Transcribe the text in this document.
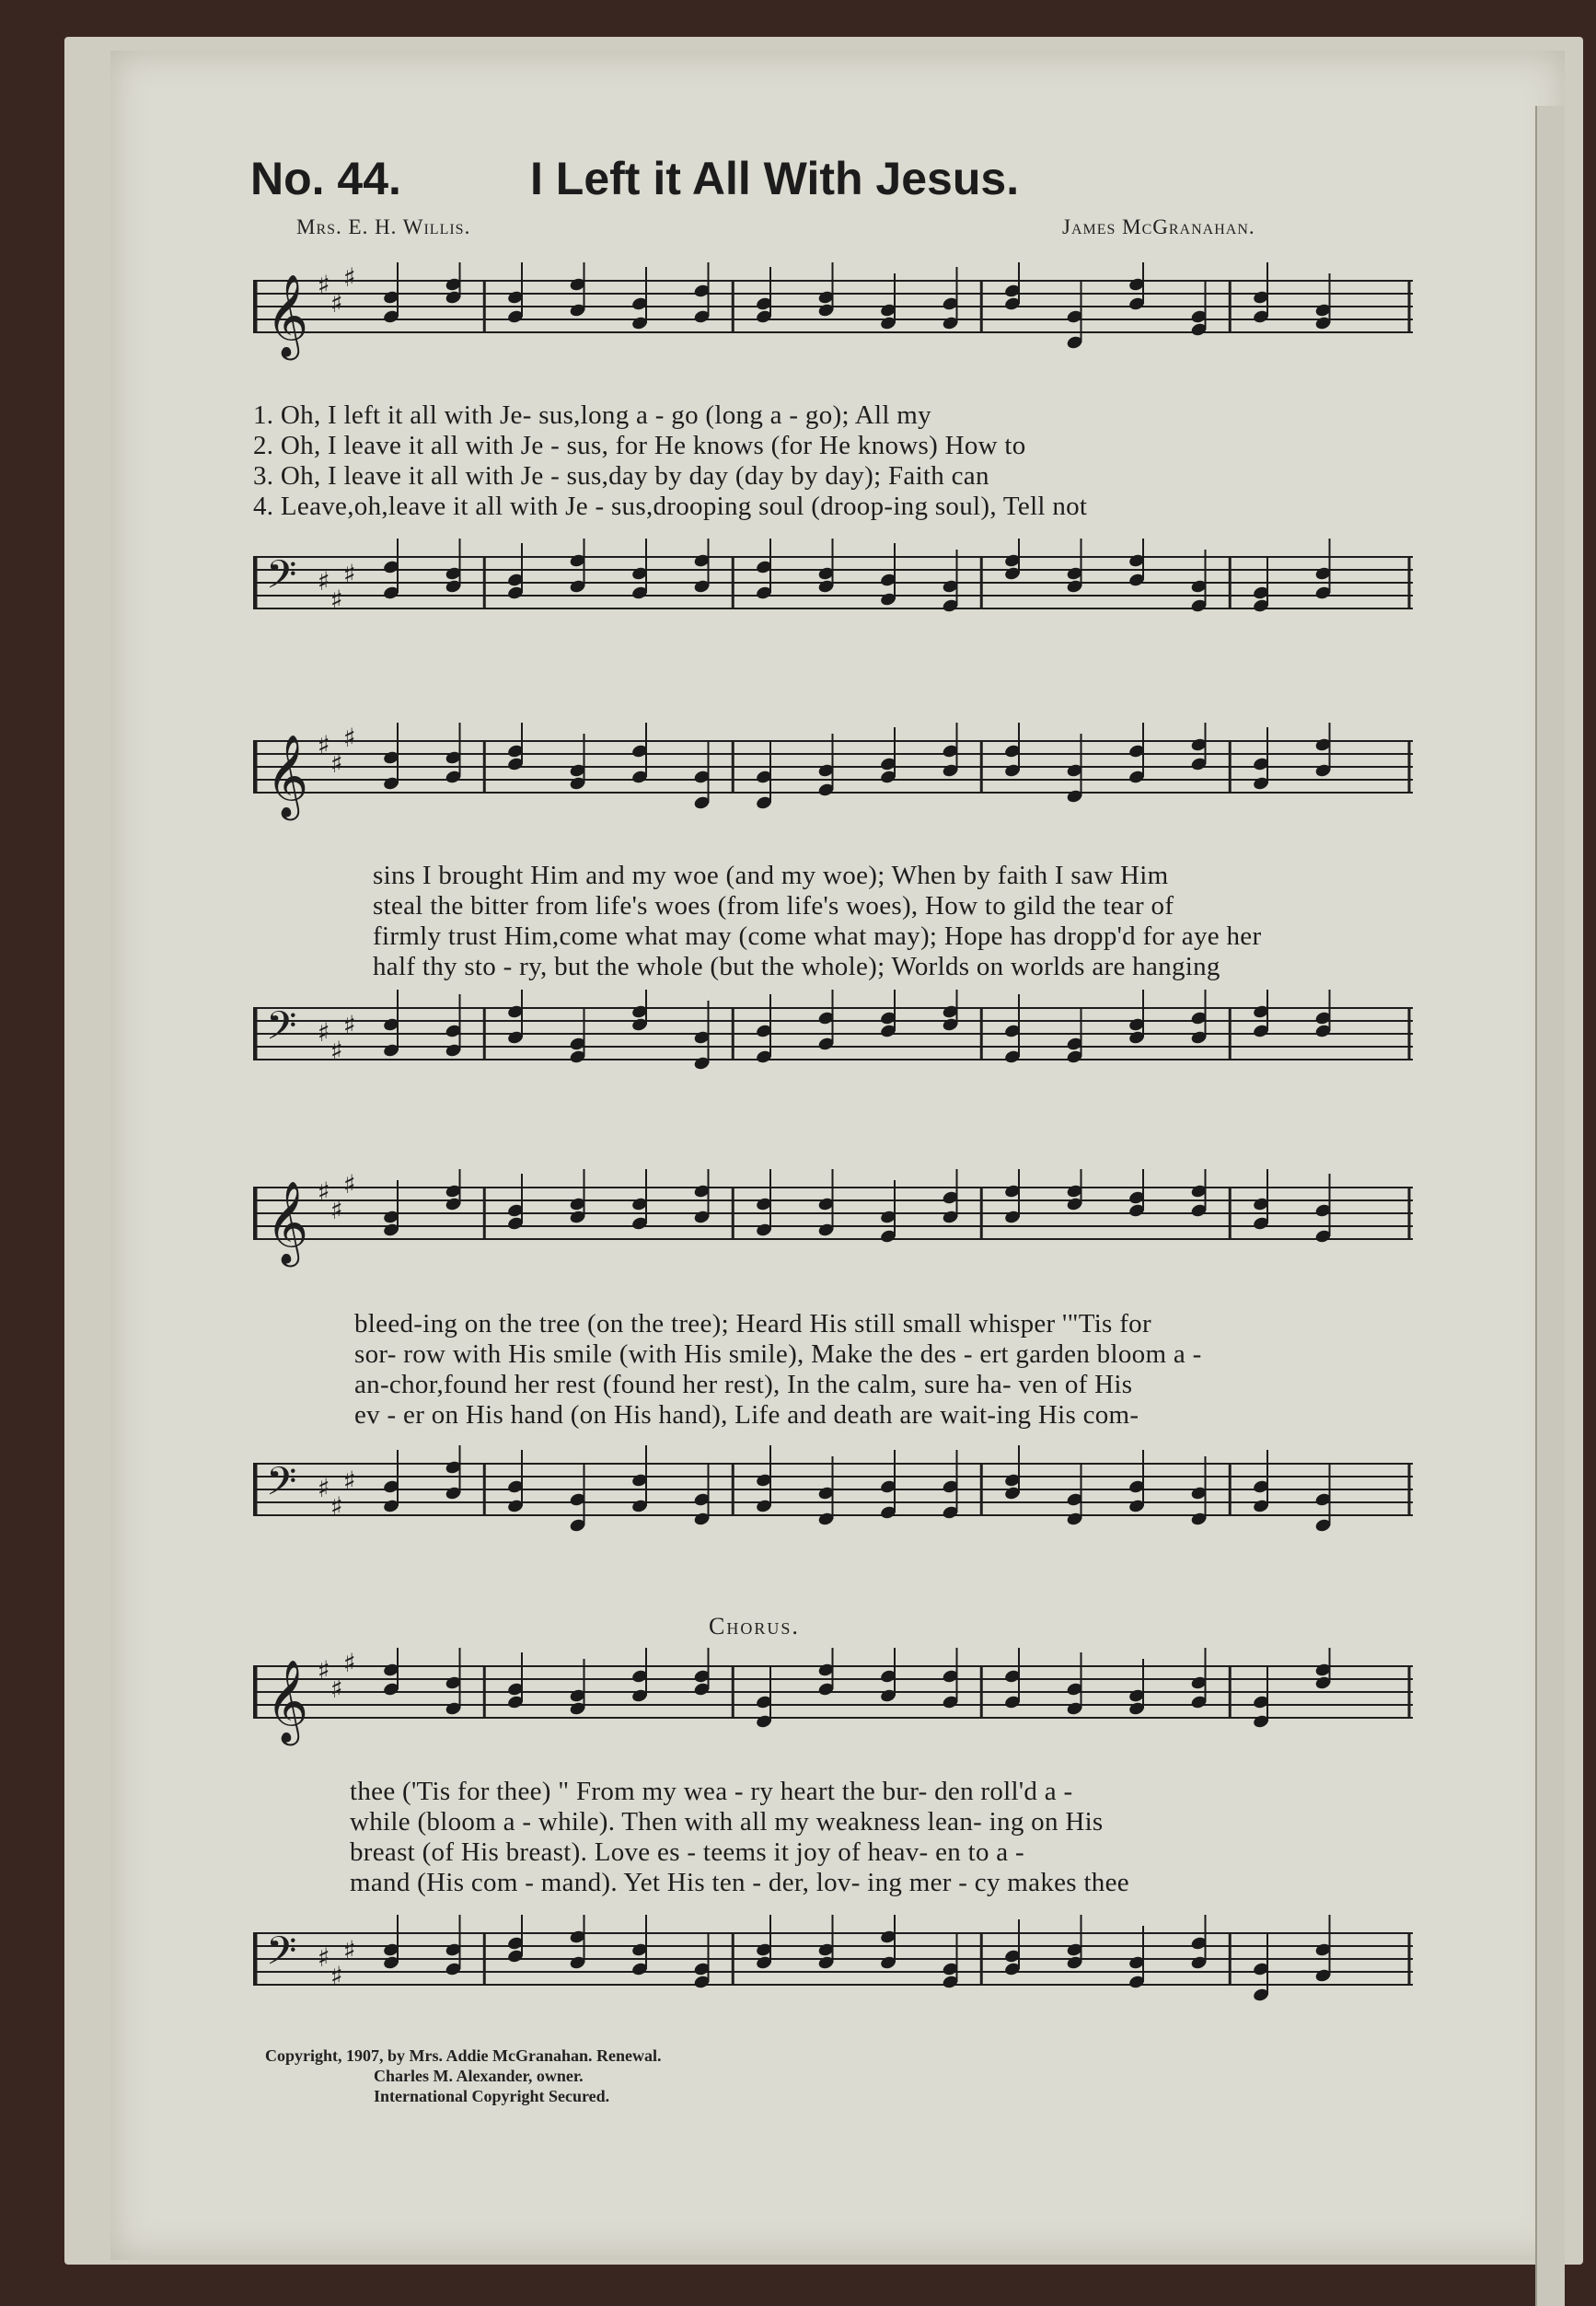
No. 44.	I Left it All With Jesus.
Mrs. E. H. Willis.	James McGranahan.
𝄞 ♯
♯
♯
1. Oh, I left it all with Je- sus,long a - go (long a - go); All my
2. Oh, I leave it all with Je - sus, for He knows (for He knows) How to
3. Oh, I leave it all with Je - sus,day by day (day by day); Faith can
4. Leave,oh,leave it all with Je - sus,drooping soul (droop-ing soul), Tell not
𝄢 ♯
♯
♯
𝄞 ♯
♯
♯
sins I brought Him and my woe (and my woe); When by faith I saw Him
steal the bitter from life's woes (from life's woes), How to gild the tear of
firmly trust Him,come what may (come what may); Hope has dropp'd for aye her
half thy sto - ry, but the whole (but the whole); Worlds on worlds are hanging
𝄢 ♯
♯
♯
𝄞 ♯
♯
♯
bleed-ing on the tree (on the tree); Heard His still small whisper '"Tis for
sor- row with His smile (with His smile), Make the des - ert garden bloom a -
an-chor,found her rest (found her rest), In the calm, sure ha- ven of His
ev - er on His hand (on His hand), Life and death are wait-ing His com-
𝄢 ♯
♯
♯
Chorus.
𝄞 ♯
♯
♯
thee ('Tis for thee) " From my wea - ry heart the bur- den roll'd a -
while (bloom a - while). Then with all my weakness lean- ing on His
breast (of His breast). Love es - teems it joy of heav- en to a -
mand (His com - mand). Yet His ten - der, lov- ing mer - cy makes thee
𝄢 ♯
♯
♯
Copyright, 1907, by Mrs. Addie McGranahan. Renewal.
Charles M. Alexander, owner.
International Copyright Secured.
